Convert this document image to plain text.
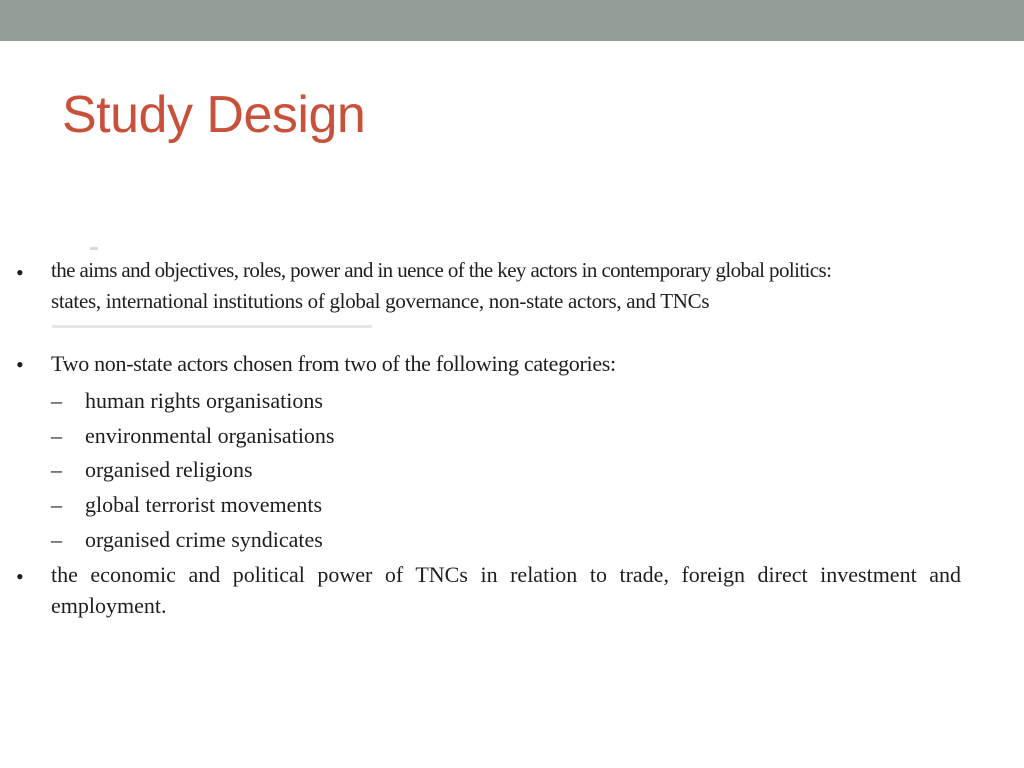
Study Design
• the aims and objectives, roles, power and in uence of the key actors in contemporary global politics:
states, international institutions of global governance, non-state actors, and TNCs
• Two non-state actors chosen from two of the following categories:
– human rights organisations
– environmental organisations
– organised religions
– global terrorist movements
– organised crime syndicates
• the economic and political power of TNCs in relation to trade, foreign direct investment and
employment.
